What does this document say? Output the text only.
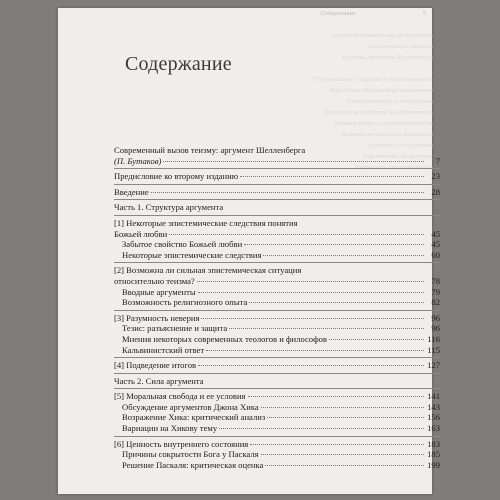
Содержание	5
Аргумент неявного как абстрактного
Апологетика и характер
Критика аргумента Шелленберга
[7] Проявление, сокрытие и ответственность
Вера Хиков-Шелленберг и изменения
Ответственность и последствия
Предлагая воздействий и собственность
Важные вопросы и ответственность
Критика аргумента на моральной
Аргументы от следствий
Как отвечать на аргумент
Разумность ответственности
Содержание
Современный вызов теизму: аргумент Шелленберга
(П. Бутаков)	7
Предисловие ко второму изданию	23
Введение	28
Часть 1. Структура аргумента
[1] Некоторые эпистемические следствия понятия
Божьей любви	45
Забытое свойство Божьей любви	45
Некоторые эпистемические следствия	60
[2] Возможна ли сильная эпистемическая ситуация
относительно теизма?	78
Вводные аргументы	79
Возможность религиозного опыта	82
[3] Разумность неверия	96
Тезис: разъяснение и защита	96
Мнения некоторых современных теологов и философов	116
Кальвинистский ответ	115
[4] Подведение итогов	127
Часть 2. Сила аргумента
[5] Моральная свобода и ее условия	141
Обсуждение аргументов Джона Хика	143
Возражение Хика: критический анализ	156
Вариации на Хикову тему	163
[6] Ценность внутреннего состояния	183
Причины сокрытости Бога у Паскаля	185
Решение Паскаля: критическая оценка	199
